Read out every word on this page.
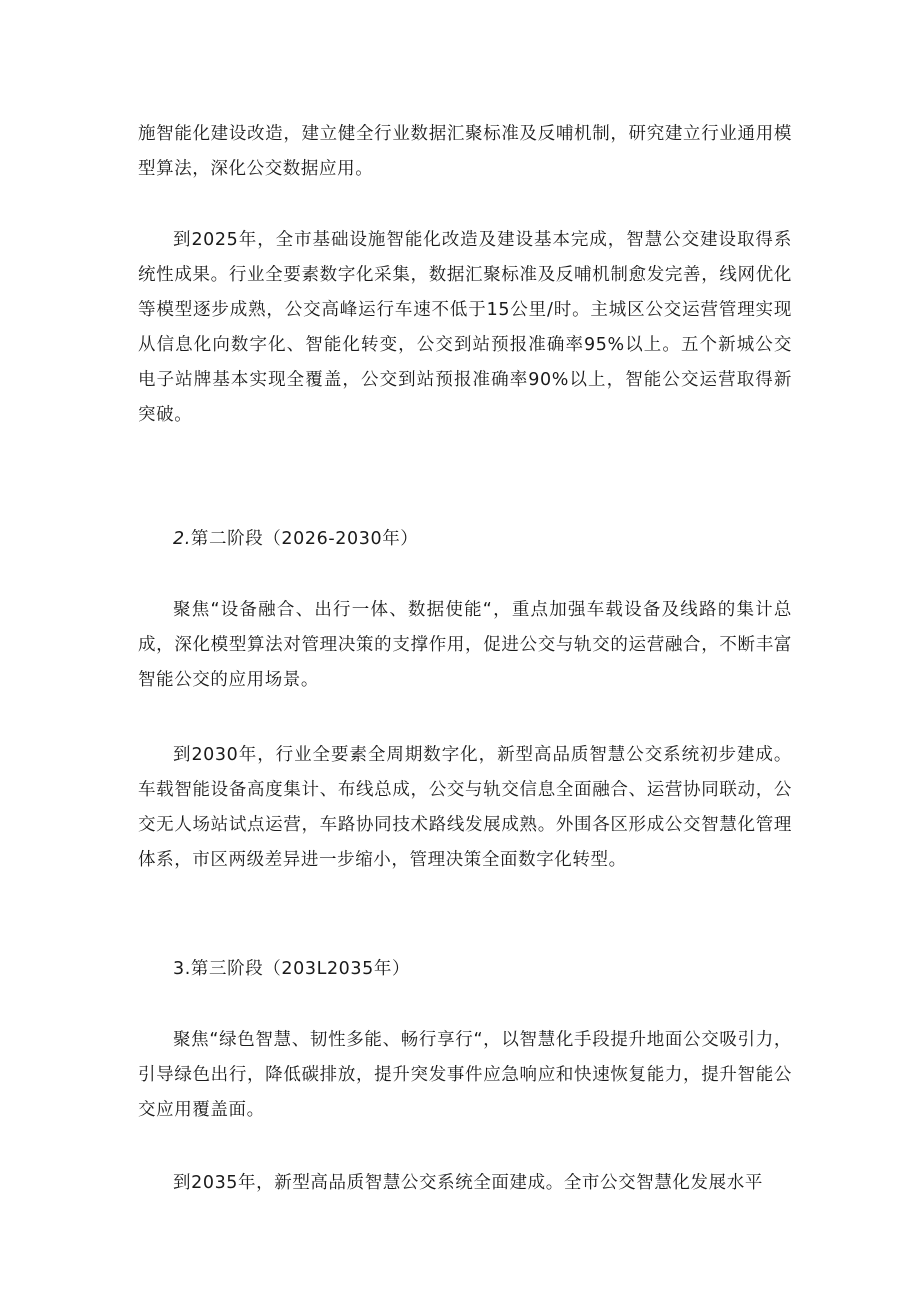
施智能化建设改造，建立健全行业数据汇聚标准及反哺机制，研究建立行业通用模型算法，深化公交数据应用。

到2025年，全市基础设施智能化改造及建设基本完成，智慧公交建设取得系统性成果。行业全要素数字化采集，数据汇聚标准及反哺机制愈发完善，线网优化等模型逐步成熟，公交高峰运行车速不低于15公里/时。主城区公交运营管理实现从信息化向数字化、智能化转变，公交到站预报准确率95%以上。五个新城公交电子站牌基本实现全覆盖，公交到站预报准确率90%以上，智能公交运营取得新突破。

2.第二阶段（2026-2030年）

聚焦“设备融合、出行一体、数据使能“，重点加强车载设备及线路的集计总成，深化模型算法对管理决策的支撑作用，促进公交与轨交的运营融合，不断丰富智能公交的应用场景。

到2030年，行业全要素全周期数字化，新型高品质智慧公交系统初步建成。车载智能设备高度集计、布线总成，公交与轨交信息全面融合、运营协同联动，公交无人场站试点运营，车路协同技术路线发展成熟。外围各区形成公交智慧化管理体系，市区两级差异进一步缩小，管理决策全面数字化转型。

3.第三阶段（203L2035年）

聚焦“绿色智慧、韧性多能、畅行享行“，以智慧化手段提升地面公交吸引力，引导绿色出行，降低碳排放，提升突发事件应急响应和快速恢复能力，提升智能公交应用覆盖面。

到2035年，新型高品质智慧公交系统全面建成。全市公交智慧化发展水平
